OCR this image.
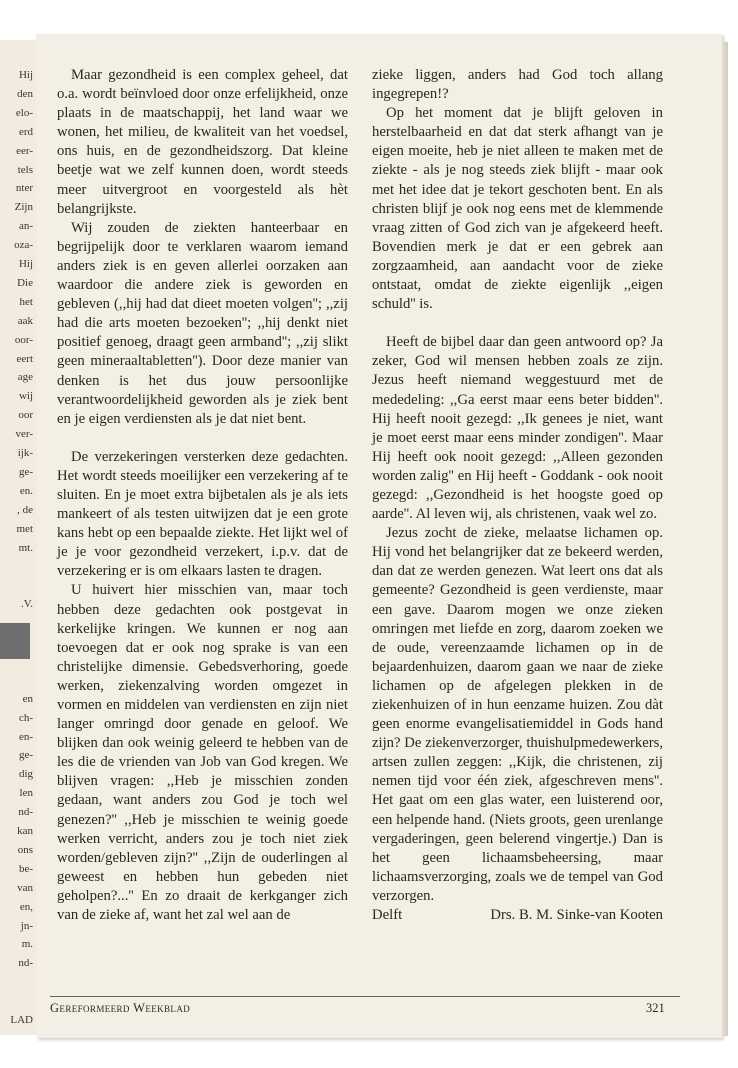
Hij
den
elo-
erd
eer-
tels
nter
Zijn
an-
oza-
Hij
Die
het
aak
oor-
eert
age
wij
oor
ver-
ijk-
ge-
en.
, de
met
mt.
.V.
en
ch-
en-
ge-
dig
len
nd-
kan
ons
be-
van
en,
jn-
m.
nd-
LAD

Maar gezondheid is een complex geheel, dat o.a. wordt beïnvloed door onze erfelijkheid, onze plaats in de maatschappij, het land waar we wonen, het milieu, de kwaliteit van het voedsel, ons huis, en de gezondheidszorg. Dat kleine beetje wat we zelf kunnen doen, wordt steeds meer uitvergroot en voorgesteld als hèt belangrijkste.

Wij zouden de ziekten hanteerbaar en begrijpelijk door te verklaren waarom iemand anders ziek is en geven allerlei oorzaken aan waardoor die andere ziek is geworden en gebleven (,,hij had dat dieet moeten volgen''; ,,zij had die arts moeten bezoeken''; ,,hij denkt niet positief genoeg, draagt geen armband''; ,,zij slikt geen mineraaltabletten''). Door deze manier van denken is het dus jouw persoonlijke verantwoordelijkheid geworden als je ziek bent en je eigen verdiensten als je dat niet bent.

De verzekeringen versterken deze gedachten. Het wordt steeds moeilijker een verzekering af te sluiten. En je moet extra bijbetalen als je als iets mankeert of als testen uitwijzen dat je een grote kans hebt op een bepaalde ziekte. Het lijkt wel of je je voor gezondheid verzekert, i.p.v. dat de verzekering er is om elkaars lasten te dragen.

U huivert hier misschien van, maar toch hebben deze gedachten ook postgevat in kerkelijke kringen. We kunnen er nog aan toevoegen dat er ook nog sprake is van een christelijke dimensie. Gebedsverhoring, goede werken, ziekenzalving worden omgezet in vormen en middelen van verdiensten en zijn niet langer omringd door genade en geloof. We blijken dan ook weinig geleerd te hebben van de les die de vrienden van Job van God kregen. We blijven vragen: ,,Heb je misschien zonden gedaan, want anders zou God je toch wel genezen?'' ,,Heb je misschien te weinig goede werken verricht, anders zou je toch niet ziek worden/gebleven zijn?'' ,,Zijn de ouderlingen al geweest en hebben hun gebeden niet geholpen?...'' En zo draait de kerkganger zich van de zieke af, want het zal wel aan de

zieke liggen, anders had God toch allang ingegrepen!?

Op het moment dat je blijft geloven in herstelbaarheid en dat dat sterk afhangt van je eigen moeite, heb je niet alleen te maken met de ziekte - als je nog steeds ziek blijft - maar ook met het idee dat je tekort geschoten bent. En als christen blijf je ook nog eens met de klemmende vraag zitten of God zich van je afgekeerd heeft. Bovendien merk je dat er een gebrek aan zorgzaamheid, aan aandacht voor de zieke ontstaat, omdat de ziekte eigenlijk ,,eigen schuld'' is.

Heeft de bijbel daar dan geen antwoord op? Ja zeker, God wil mensen hebben zoals ze zijn. Jezus heeft niemand weggestuurd met de mededeling: ,,Ga eerst maar eens beter bidden''. Hij heeft nooit gezegd: ,,Ik genees je niet, want je moet eerst maar eens minder zondigen''. Maar Hij heeft ook nooit gezegd: ,,Alleen gezonden worden zalig'' en Hij heeft - Goddank - ook nooit gezegd: ,,Gezondheid is het hoogste goed op aarde''. Al leven wij, als christenen, vaak wel zo.

Jezus zocht de zieke, melaatse lichamen op. Hij vond het belangrijker dat ze bekeerd werden, dan dat ze werden genezen. Wat leert ons dat als gemeente? Gezondheid is geen verdienste, maar een gave. Daarom mogen we onze zieken omringen met liefde en zorg, daarom zoeken we de oude, vereenzaamde lichamen op in de bejaardenhuizen, daarom gaan we naar de zieke lichamen op de afgelegen plekken in de ziekenhuizen of in hun eenzame huizen. Zou dàt geen enorme evangelisatiemiddel in Gods hand zijn? De ziekenverzorger, thuishulpmedewerkers, artsen zullen zeggen: ,,Kijk, die christenen, zij nemen tijd voor één ziek, afgeschreven mens''. Het gaat om een glas water, een luisterend oor, een helpende hand. (Niets groots, geen urenlange vergaderingen, geen belerend vingertje.) Dan is het geen lichaamsbeheersing, maar lichaamsverzorging, zoals we de tempel van God verzorgen.

Delft	Drs. B. M. Sinke-van Kooten
Gereformeerd Weekblad	321
